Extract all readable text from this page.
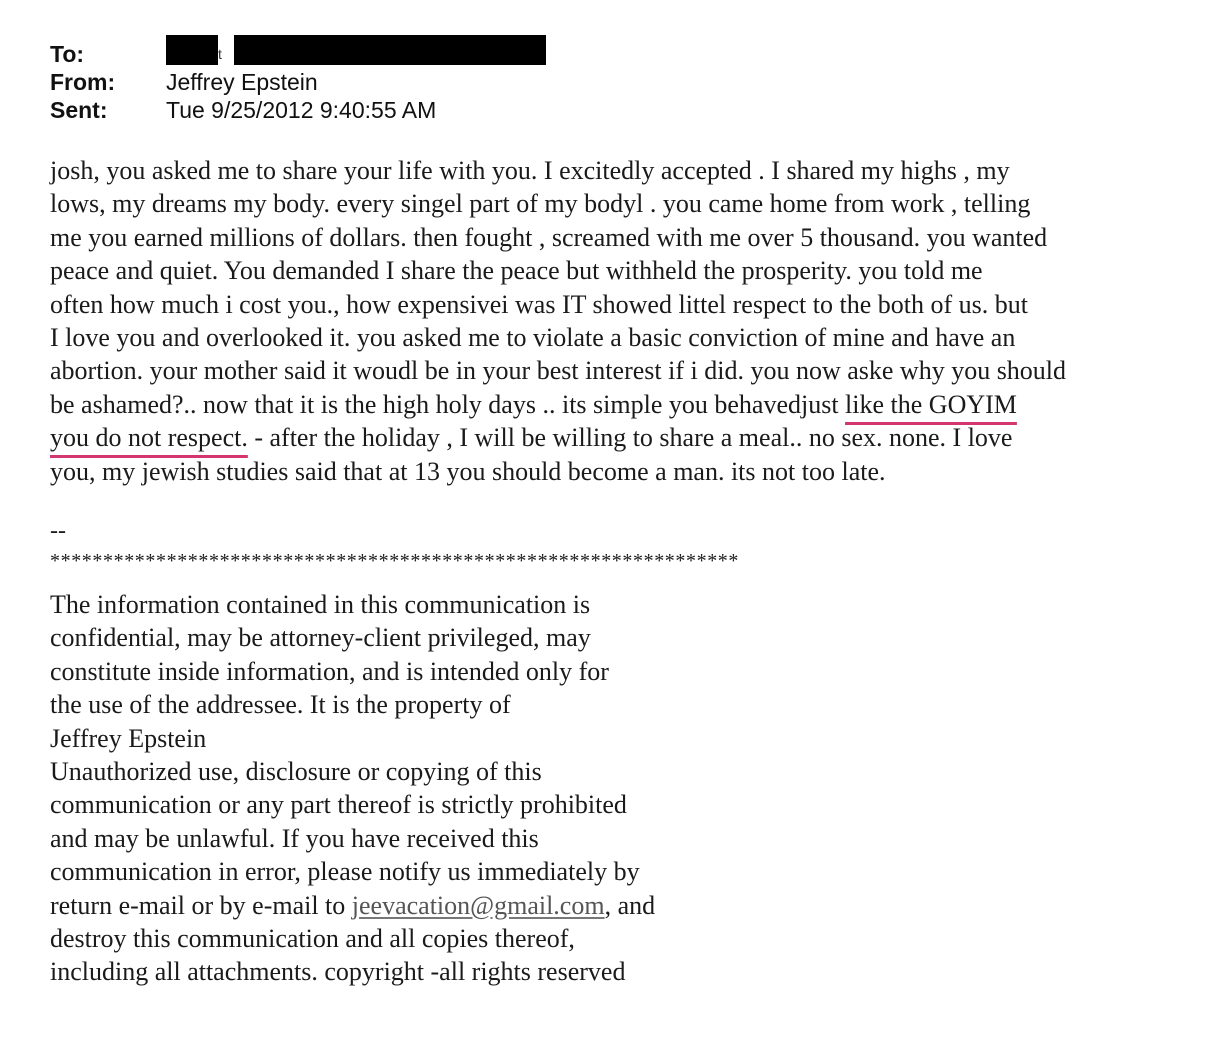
To:	t
From:	Jeffrey Epstein
Sent:	Tue 9/25/2012 9:40:55 AM
josh, you asked me to share your life with you. I excitedly accepted . I shared my highs , my
lows, my dreams my body. every singel part of my bodyl . you came home from work , telling
me you earned millions of dollars. then fought , screamed with me over 5 thousand. you wanted
peace and quiet. You demanded I share the peace but withheld the prosperity. you told me
often how much i cost you., how expensivei was IT showed littel respect to the both of us. but
I love you and overlooked it. you asked me to violate a basic conviction of mine and have an
abortion. your mother said it woudl be in your best interest if i did. you now aske why you should
be ashamed?.. now that it is the high holy days .. its simple you behavedjust like the GOYIM
you do not respect. - after the holiday , I will be willing to share a meal.. no sex. none. I love
you, my jewish studies said that at 13 you should become a man. its not too late.
--
*****************************************************************
The information contained in this communication is
confidential, may be attorney-client privileged, may
constitute inside information, and is intended only for
the use of the addressee. It is the property of
Jeffrey Epstein
Unauthorized use, disclosure or copying of this
communication or any part thereof is strictly prohibited
and may be unlawful. If you have received this
communication in error, please notify us immediately by
return e-mail or by e-mail to jeevacation@gmail.com, and
destroy this communication and all copies thereof,
including all attachments. copyright -all rights reserved
